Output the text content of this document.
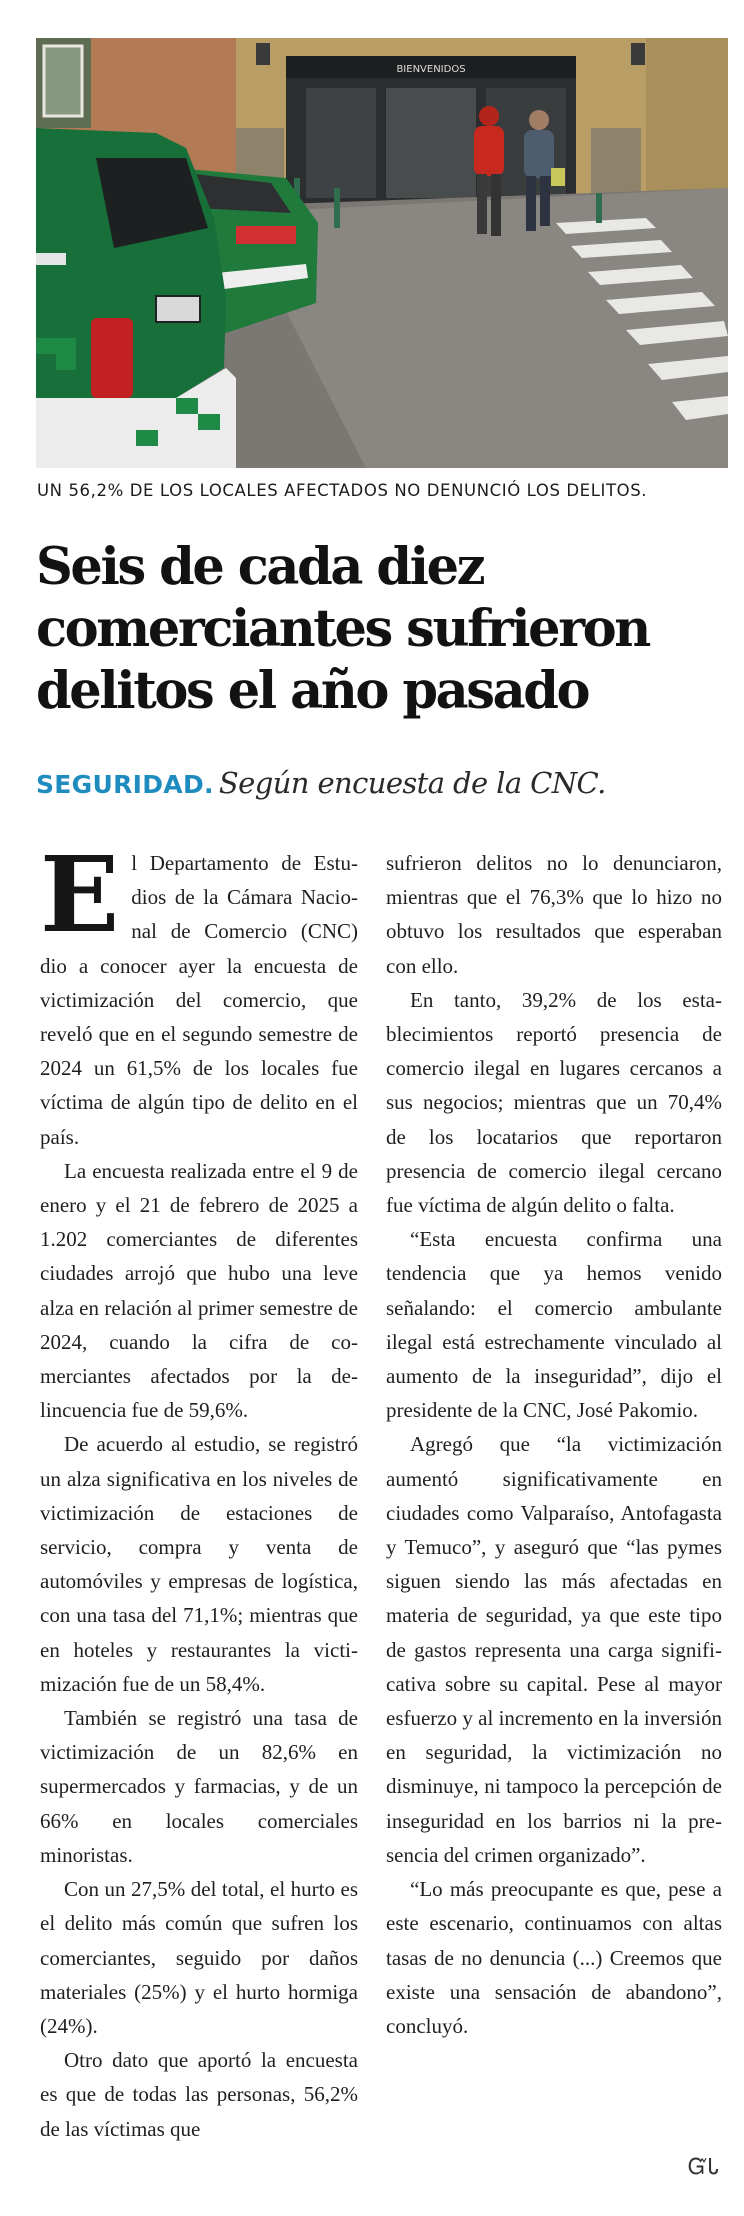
BIENVENIDOS
UN 56,2% DE LOS LOCALES AFECTADOS NO DENUNCIÓ LOS DELITOS.
Seis de cada diez
comerciantes sufrieron
delitos el año pasado
SEGURIDAD. Según encuesta de la CNC.

El Departamento de Estudios de la Cámara Nacional de Comercio (CNC) dio a conocer ayer la encuesta de victimización del comercio, que reveló que en el segundo semestre de 2024 un 61,5% de los locales fue víctima de algún tipo de delito en el país.

La encuesta realizada entre el 9 de enero y el 21 de febrero de 2025 a 1.202 comerciantes de diferentes ciudades arrojó que hubo una leve alza en relación al primer semestre de 2024, cuando la cifra de comerciantes afectados por la delincuencia fue de 59,6%.

De acuerdo al estudio, se registró un alza significativa en los niveles de victimización de estaciones de servicio, compra y venta de automóviles y empresas de logística, con una tasa del 71,1%; mientras que en hoteles y restaurantes la victimización fue de un 58,4%.

También se registró una tasa de victimización de un 82,6% en supermercados y farmacias, y de un 66% en locales comerciales minoristas.

Con un 27,5% del total, el hurto es el delito más común que sufren los comerciantes, seguido por daños materiales (25%) y el hurto hormiga (24%).

Otro dato que aportó la encuesta es que de todas las personas, 56,2% de las víctimas que

sufrieron delitos no lo denunciaron, mientras que el 76,3% que lo hizo no obtuvo los resultados que esperaban con ello.

En tanto, 39,2% de los establecimientos reportó presencia de comercio ilegal en lugares cercanos a sus negocios; mientras que un 70,4% de los locatarios que reportaron presencia de comercio ilegal cercano fue víctima de algún delito o falta.

“Esta encuesta confirma una tendencia que ya hemos venido señalando: el comercio ambulante ilegal está estrechamente vinculado al aumento de la inseguridad”, dijo el presidente de la CNC, José Pakomio.

Agregó que “la victimización aumentó significativamente en ciudades como Valparaíso, Antofagasta y Temuco”, y aseguró que “las pymes siguen siendo las más afectadas en materia de seguridad, ya que este tipo de gastos representa una carga significativa sobre su capital. Pese al mayor esfuerzo y al incremento en la inversión en seguridad, la victimización no disminuye, ni tampoco la percepción de inseguridad en los barrios ni la presencia del crimen organizado”.

“Lo más preocupante es que, pese a este escenario, continuamos con altas tasas de no denuncia (...) Creemos que existe una sensación de abandono”, concluyó.

ᏳᏓ
